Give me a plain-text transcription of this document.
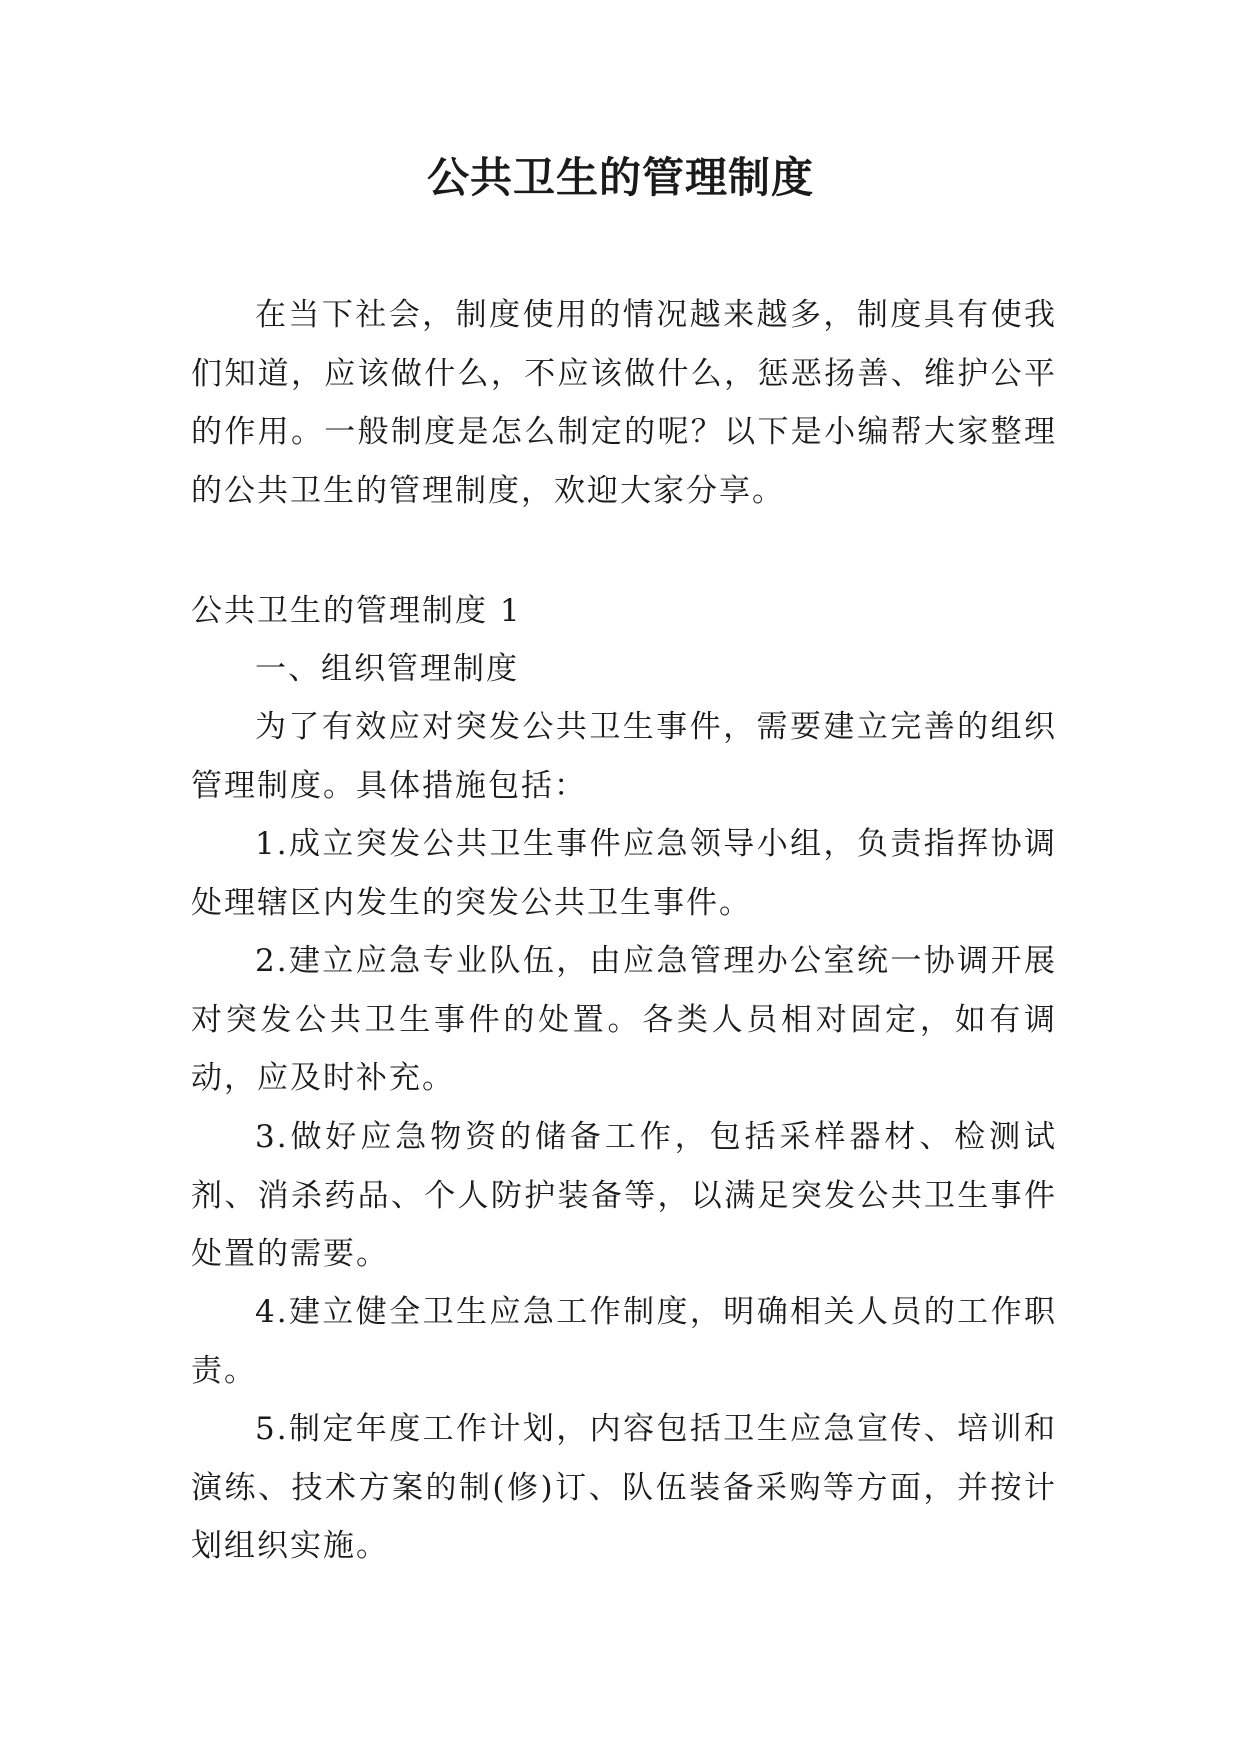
公共卫生的管理制度

在当下社会，制度使用的情况越来越多，制度具有使我们知道，应该做什么，不应该做什么，惩恶扬善、维护公平的作用。一般制度是怎么制定的呢？以下是小编帮大家整理的公共卫生的管理制度，欢迎大家分享。

公共卫生的管理制度 1

一、组织管理制度

为了有效应对突发公共卫生事件，需要建立完善的组织管理制度。具体措施包括：

1.成立突发公共卫生事件应急领导小组，负责指挥协调处理辖区内发生的突发公共卫生事件。

2.建立应急专业队伍，由应急管理办公室统一协调开展对突发公共卫生事件的处置。各类人员相对固定，如有调动，应及时补充。

3.做好应急物资的储备工作，包括采样器材、检测试剂、消杀药品、个人防护装备等，以满足突发公共卫生事件处置的需要。

4.建立健全卫生应急工作制度，明确相关人员的工作职责。

5.制定年度工作计划，内容包括卫生应急宣传、培训和演练、技术方案的制(修)订、队伍装备采购等方面，并按计划组织实施。
